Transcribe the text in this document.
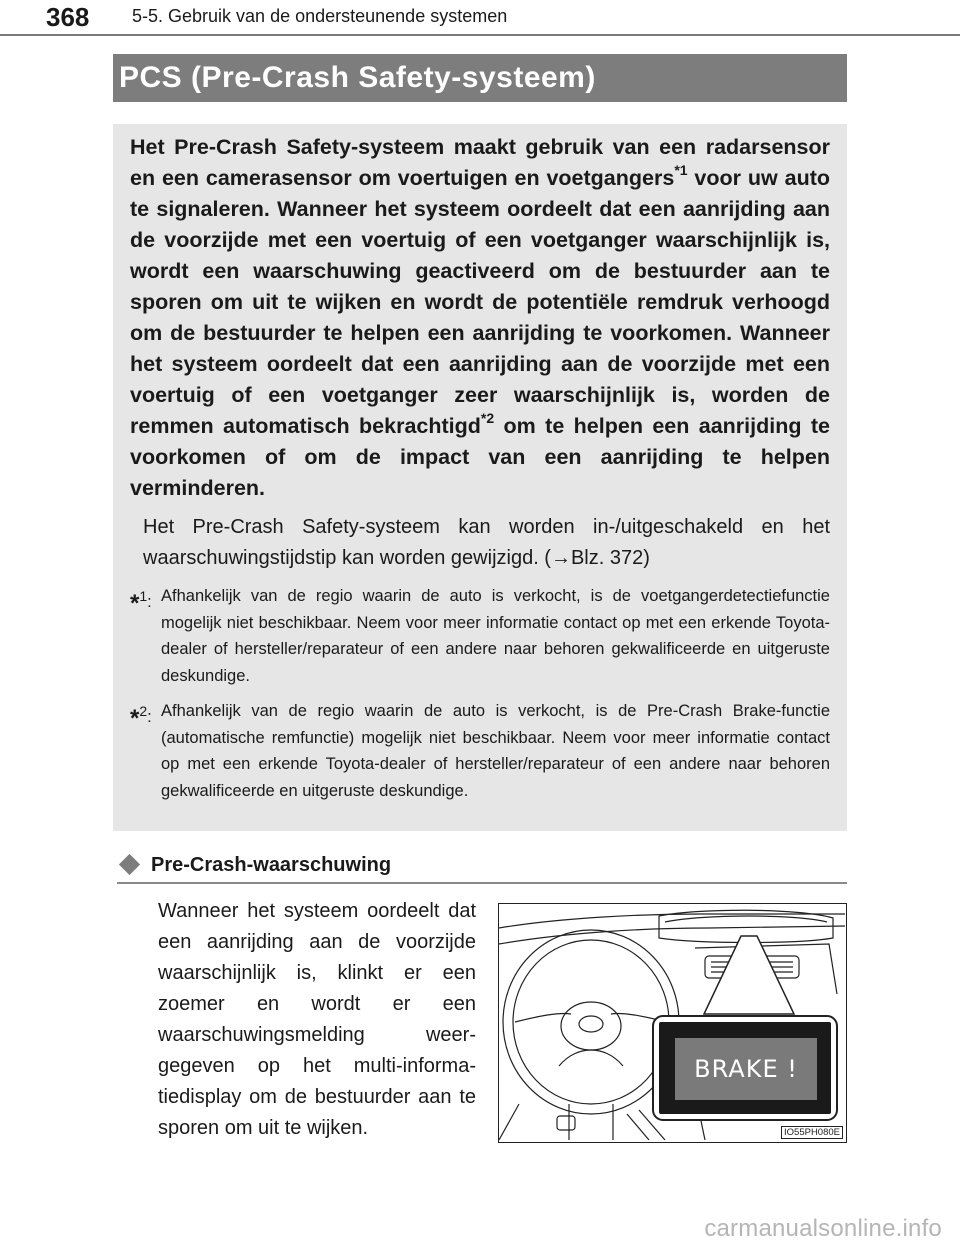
368 5-5. Gebruik van de ondersteunende systemen
PCS (Pre-Crash Safety-systeem)

Het Pre-Crash Safety-systeem maakt gebruik van een radarsensor en een camerasensor om voertuigen en voetgangers$^{*1}$ voor uw auto te signaleren. Wanneer het systeem oordeelt dat een aanrijding aan de voorzijde met een voertuig of een voetganger waarschijnlijk is, wordt een waarschuwing geactiveerd om de bestuurder aan te sporen om uit te wijken en wordt de potentiële remdruk verhoogd om de bestuurder te helpen een aanrijding te voorkomen. Wanneer het systeem oordeelt dat een aanrijding aan de voorzijde met een voertuig of een voetganger zeer waarschijnlijk is, worden de remmen automatisch bekrachtigd$^{*2}$ om te helpen een aanrijding te voorkomen of om de impact van een aanrijding te helpen verminderen.

Het Pre-Crash Safety-systeem kan worden in-/uitgeschakeld en het waarschuwingstijdstip kan worden gewijzigd. (→Blz. 372)

*$^1$: Afhankelijk van de regio waarin de auto is verkocht, is de voetgangerdetectiefunctie mogelijk niet beschikbaar. Neem voor meer informatie contact op met een erkende Toyota-dealer of hersteller/reparateur of een andere naar behoren gekwalificeerde en uitgeruste deskundige.
*$^2$: Afhankelijk van de regio waarin de auto is verkocht, is de Pre-Crash Brake-functie (automatische remfunctie) mogelijk niet beschikbaar. Neem voor meer informatie contact op met een erkende Toyota-dealer of hersteller/reparateur of een andere naar behoren gekwalificeerde en uitgeruste deskundige.
Pre-Crash-waarschuwing
Wanneer het systeem oordeelt dat een aanrijding aan de voorzijde waarschijnlijk is, klinkt er een zoemer en wordt er een waarschuwingsmelding weergegeven op het multi-informatiedisplay om de bestuurder aan te sporen om uit te wijken.
BRAKE !
IO55PH080E
carmanualsonline.info
